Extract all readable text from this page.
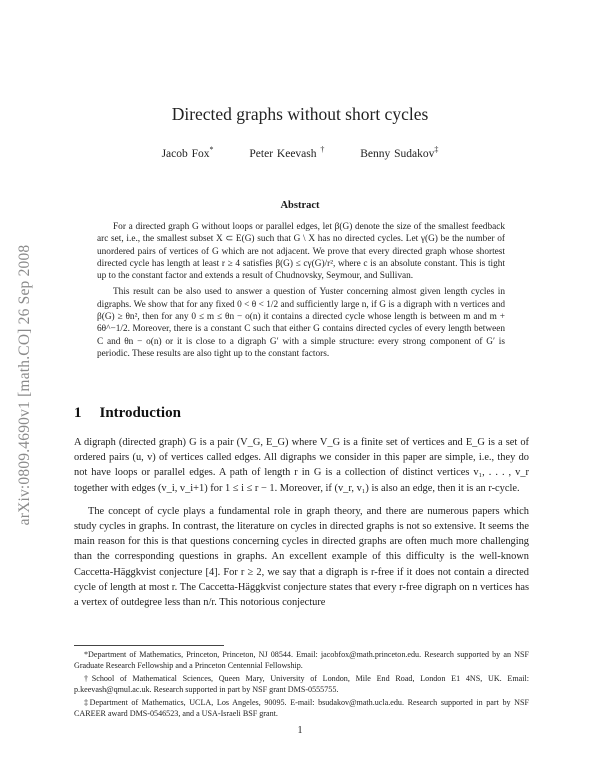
arXiv:0809.4690v1 [math.CO] 26 Sep 2008
Directed graphs without short cycles
Jacob Fox*	Peter Keevash †	Benny Sudakov‡
Abstract

For a directed graph G without loops or parallel edges, let β(G) denote the size of the smallest feedback arc set, i.e., the smallest subset X ⊂ E(G) such that G \ X has no directed cycles. Let γ(G) be the number of unordered pairs of vertices of G which are not adjacent. We prove that every directed graph whose shortest directed cycle has length at least r ≥ 4 satisfies β(G) ≤ cγ(G)/r², where c is an absolute constant. This is tight up to the constant factor and extends a result of Chudnovsky, Seymour, and Sullivan.

This result can be also used to answer a question of Yuster concerning almost given length cycles in digraphs. We show that for any fixed 0 < θ < 1/2 and sufficiently large n, if G is a digraph with n vertices and β(G) ≥ θn², then for any 0 ≤ m ≤ θn − o(n) it contains a directed cycle whose length is between m and m + 6θ^−1/2. Moreover, there is a constant C such that either G contains directed cycles of every length between C and θn − o(n) or it is close to a digraph G′ with a simple structure: every strong component of G′ is periodic. These results are also tight up to the constant factors.

1 Introduction

A digraph (directed graph) G is a pair (V_G, E_G) where V_G is a finite set of vertices and E_G is a set of ordered pairs (u, v) of vertices called edges. All digraphs we consider in this paper are simple, i.e., they do not have loops or parallel edges. A path of length r in G is a collection of distinct vertices v₁, . . . , v_r together with edges (v_i, v_i+1) for 1 ≤ i ≤ r − 1. Moreover, if (v_r, v₁) is also an edge, then it is an r-cycle.

The concept of cycle plays a fundamental role in graph theory, and there are numerous papers which study cycles in graphs. In contrast, the literature on cycles in directed graphs is not so extensive. It seems the main reason for this is that questions concerning cycles in directed graphs are often much more challenging than the corresponding questions in graphs. An excellent example of this difficulty is the well-known Caccetta-Häggkvist conjecture [4]. For r ≥ 2, we say that a digraph is r-free if it does not contain a directed cycle of length at most r. The Caccetta-Häggkvist conjecture states that every r-free digraph on n vertices has a vertex of outdegree less than n/r. This notorious conjecture

*Department of Mathematics, Princeton, Princeton, NJ 08544. Email: jacobfox@math.princeton.edu. Research supported by an NSF Graduate Research Fellowship and a Princeton Centennial Fellowship.

†School of Mathematical Sciences, Queen Mary, University of London, Mile End Road, London E1 4NS, UK. Email: p.keevash@qmul.ac.uk. Research supported in part by NSF grant DMS-0555755.

‡Department of Mathematics, UCLA, Los Angeles, 90095. E-mail: bsudakov@math.ucla.edu. Research supported in part by NSF CAREER award DMS-0546523, and a USA-Israeli BSF grant.

1
